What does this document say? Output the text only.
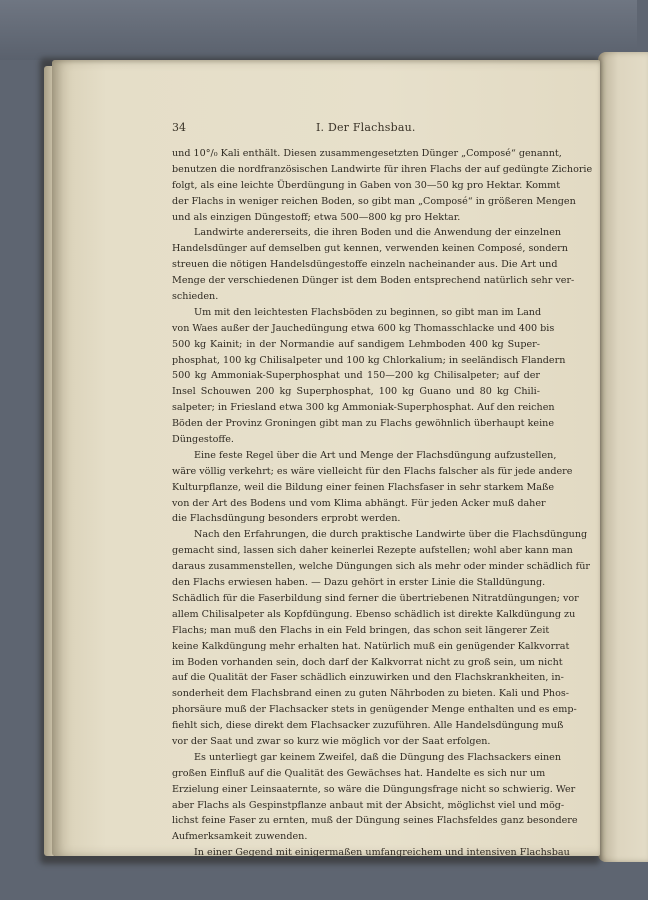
34	I. Der Flachsbau.
und 10°/₀ Kali enthält. Diesen zusammengesetzten Dünger „Composé“ genannt,
benutzen die nordfranzösischen Landwirte für ihren Flachs der auf gedüngte Zichorie
folgt, als eine leichte Überdüngung in Gaben von 30—50 kg pro Hektar. Kommt
der Flachs in weniger reichen Boden, so gibt man „Composé“ in größeren Mengen
und als einzigen Düngestoff; etwa 500—800 kg pro Hektar.
Landwirte andererseits, die ihren Boden und die Anwendung der einzelnen
Handelsdünger auf demselben gut kennen, verwenden keinen Composé, sondern
streuen die nötigen Handelsdüngestoffe einzeln nacheinander aus. Die Art und
Menge der verschiedenen Dünger ist dem Boden entsprechend natürlich sehr ver-
schieden.
Um mit den leichtesten Flachsböden zu beginnen, so gibt man im Land
von Waes außer der Jauchedüngung etwa 600 kg Thomasschlacke und 400 bis
500 kg Kainit; in der Normandie auf sandigem Lehmboden 400 kg Super-
phosphat, 100 kg Chilisalpeter und 100 kg Chlorkalium; in seeländisch Flandern
500 kg Ammoniak-Superphosphat und 150—200 kg Chilisalpeter; auf der
Insel Schouwen 200 kg Superphosphat, 100 kg Guano und 80 kg Chili-
salpeter; in Friesland etwa 300 kg Ammoniak-Superphosphat. Auf den reichen
Böden der Provinz Groningen gibt man zu Flachs gewöhnlich überhaupt keine
Düngestoffe.
Eine feste Regel über die Art und Menge der Flachsdüngung aufzustellen,
wäre völlig verkehrt; es wäre vielleicht für den Flachs falscher als für jede andere
Kulturpflanze, weil die Bildung einer feinen Flachsfaser in sehr starkem Maße
von der Art des Bodens und vom Klima abhängt. Für jeden Acker muß daher
die Flachsdüngung besonders erprobt werden.
Nach den Erfahrungen, die durch praktische Landwirte über die Flachsdüngung
gemacht sind, lassen sich daher keinerlei Rezepte aufstellen; wohl aber kann man
daraus zusammenstellen, welche Düngungen sich als mehr oder minder schädlich für
den Flachs erwiesen haben. — Dazu gehört in erster Linie die Stalldüngung.
Schädlich für die Faserbildung sind ferner die übertriebenen Nitratdüngungen; vor
allem Chilisalpeter als Kopfdüngung. Ebenso schädlich ist direkte Kalkdüngung zu
Flachs; man muß den Flachs in ein Feld bringen, das schon seit längerer Zeit
keine Kalkdüngung mehr erhalten hat. Natürlich muß ein genügender Kalkvorrat
im Boden vorhanden sein, doch darf der Kalkvorrat nicht zu groß sein, um nicht
auf die Qualität der Faser schädlich einzuwirken und den Flachskrankheiten, in-
sonderheit dem Flachsbrand einen zu guten Nährboden zu bieten. Kali und Phos-
phorsäure muß der Flachsacker stets in genügender Menge enthalten und es emp-
fiehlt sich, diese direkt dem Flachsacker zuzuführen. Alle Handelsdüngung muß
vor der Saat und zwar so kurz wie möglich vor der Saat erfolgen.
Es unterliegt gar keinem Zweifel, daß die Düngung des Flachsackers einen
großen Einfluß auf die Qualität des Gewächses hat. Handelte es sich nur um
Erzielung einer Leinsaaternte, so wäre die Düngungsfrage nicht so schwierig. Wer
aber Flachs als Gespinstpflanze anbaut mit der Absicht, möglichst viel und mög-
lichst feine Faser zu ernten, muß der Düngung seines Flachsfeldes ganz besondere
Aufmerksamkeit zuwenden.
In einer Gegend mit einigermaßen umfangreichem und intensiven Flachsbau
